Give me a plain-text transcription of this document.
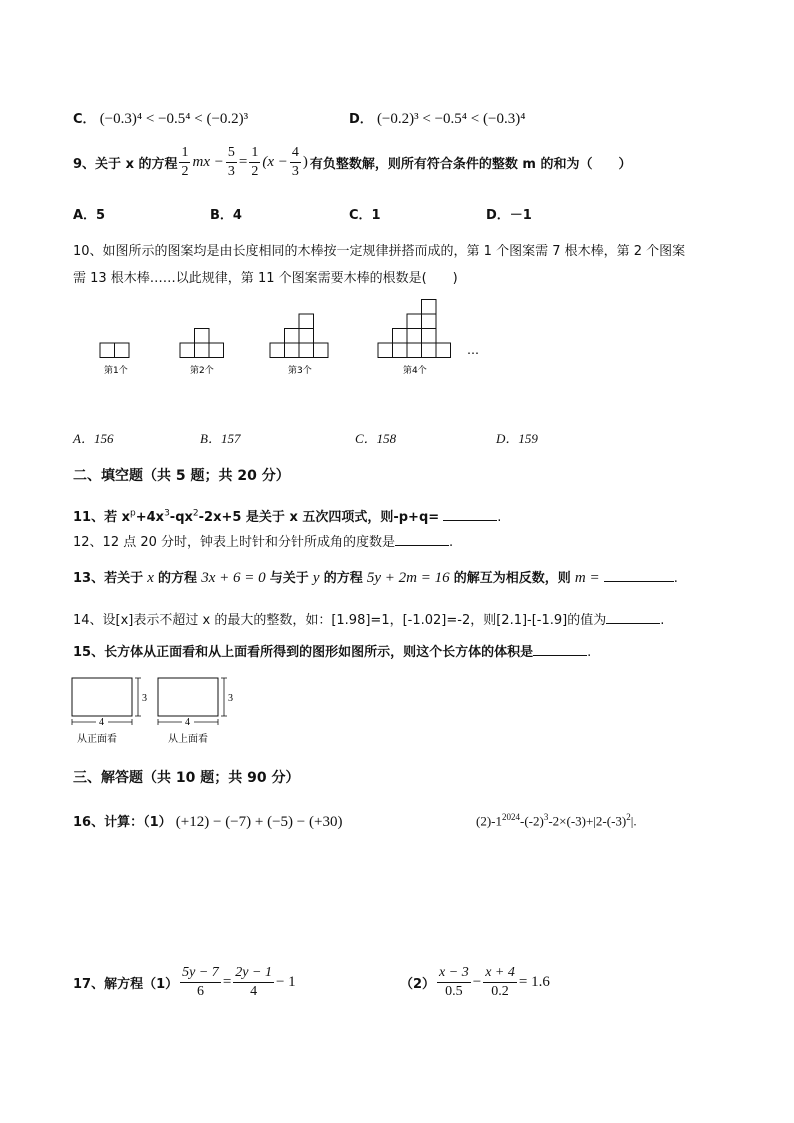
C． (−0.3)⁴ < −0.5⁴ < (−0.2)³	D． (−0.2)³ < −0.5⁴ < (−0.3)⁴
9、关于 x 的方程 $\frac{1}{2}$ mx − $\frac{5}{3} = \frac{1}{2} (x - \frac{4}{3}$ ) 有负整数解，则所有符合条件的整数 m 的和为（　　）
A．5	B．4	C．1	D．－1
10、如图所示的图案均是由长度相同的木棒按一定规律拼搭而成的，第 1 个图案需 7 根木棒，第 2 个图案
需 13 根木棒……以此规律，第 11 个图案需要木棒的根数是(　　)
…
第1个	第2个	第3个	第4个
A．156	B．157	C．158	D．159
二、填空题（共 5 题；共 20 分）
11、若 $x^p+4x^3-qx^2-2x+5$ 是关于 x 五次四项式，则-p+q=	.
12、12 点 20 分时，钟表上时针和分针所成角的度数是	.
13、若关于 x 的方程 3x + 6 = 0 与关于 y 的方程 5y + 2m = 16 的解互为相反数，则 m =	.
14、设[x]表示不超过 x 的最大的整数，如：[1.98]=1，[-1.02]=-2，则[2.1]-[-1.9]的值为	.
15、长方体从正面看和从上面看所得到的图形如图所示，则这个长方体的体积是	.
4
3
从正面看
4
3
从上面看
三、解答题（共 10 题；共 90 分）
16、计算：（1） (+12) − (−7) + (−5) − (+30)	$(2)-1^{2024}-(-2)^3-2\times(-3)+|2-(-3)^2|$.
17、解方程$(1) \frac{5y - 7}{6} = \frac{2y - 1}{4} - 1$	$(2) \frac{x - 3}{0.5} - \frac{x + 4}{0.2} = 1.6$
